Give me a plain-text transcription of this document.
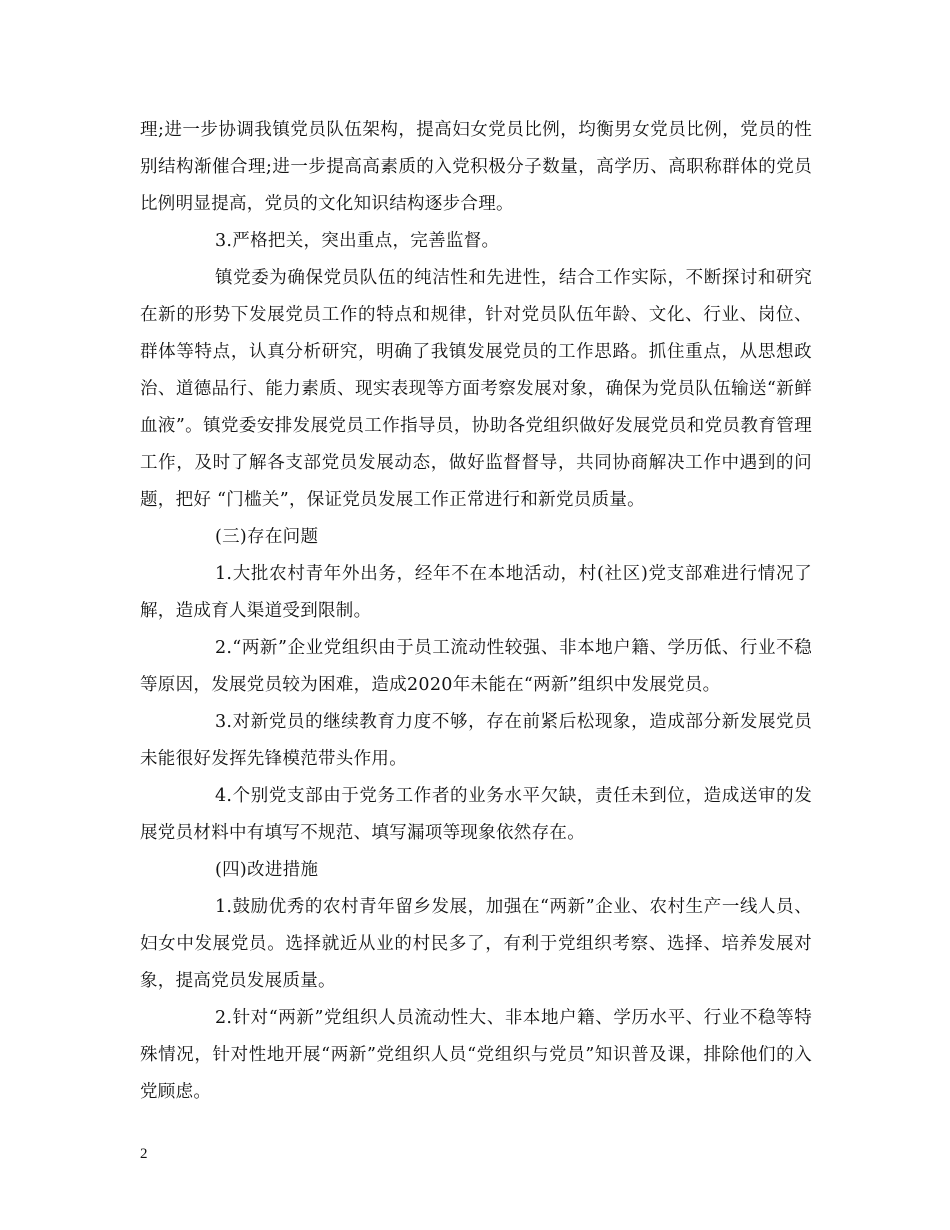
理;进一步协调我镇党员队伍架构，提高妇女党员比例，均衡男女党员比例，党员的性别结构渐催合理;进一步提高高素质的入党积极分子数量，高学历、高职称群体的党员比例明显提高，党员的文化知识结构逐步合理。

3.严格把关，突出重点，完善监督。

镇党委为确保党员队伍的纯洁性和先进性，结合工作实际，不断探讨和研究在新的形势下发展党员工作的特点和规律，针对党员队伍年龄、文化、行业、岗位、群体等特点，认真分析研究，明确了我镇发展党员的工作思路。抓住重点，从思想政治、道德品行、能力素质、现实表现等方面考察发展对象，确保为党员队伍输送“新鲜血液”。镇党委安排发展党员工作指导员，协助各党组织做好发展党员和党员教育管理工作，及时了解各支部党员发展动态，做好监督督导，共同协商解决工作中遇到的问题，把好 “门槛关”，保证党员发展工作正常进行和新党员质量。

(三)存在问题

1.大批农村青年外出务，经年不在本地活动，村(社区)党支部难进行情况了解，造成育人渠道受到限制。

2.“两新”企业党组织由于员工流动性较强、非本地户籍、学历低、行业不稳等原因，发展党员较为困难，造成2020年未能在“两新”组织中发展党员。

3.对新党员的继续教育力度不够，存在前紧后松现象，造成部分新发展党员未能很好发挥先锋模范带头作用。

4.个别党支部由于党务工作者的业务水平欠缺，责任未到位，造成送审的发展党员材料中有填写不规范、填写漏项等现象依然存在。

(四)改进措施

1.鼓励优秀的农村青年留乡发展，加强在“两新”企业、农村生产一线人员、妇女中发展党员。选择就近从业的村民多了，有利于党组织考察、选择、培养发展对象，提高党员发展质量。

2.针对“两新”党组织人员流动性大、非本地户籍、学历水平、行业不稳等特殊情况，针对性地开展“两新”党组织人员“党组织与党员”知识普及课，排除他们的入党顾虑。

2
